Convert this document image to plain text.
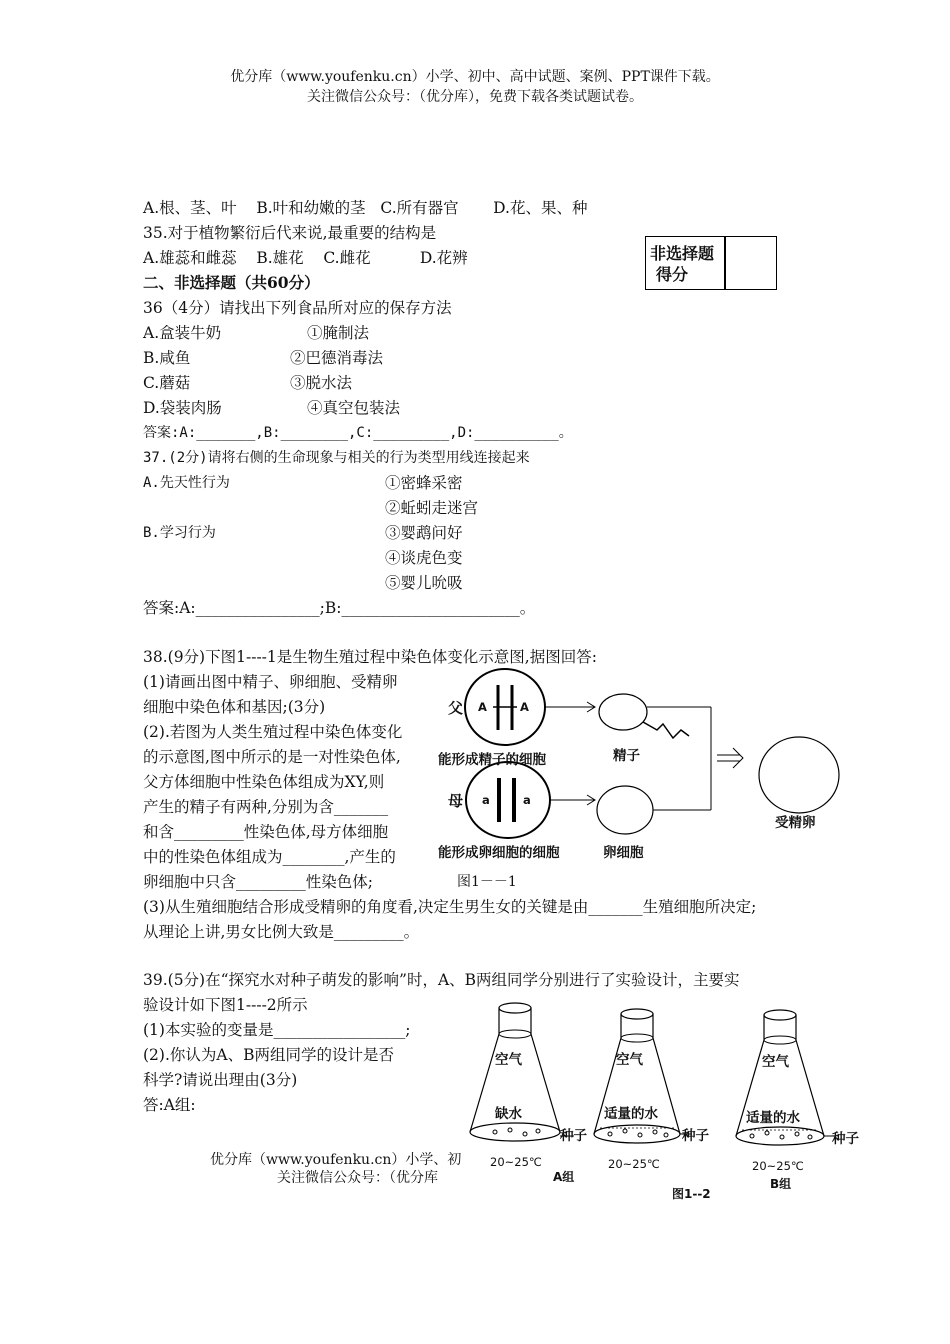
优分库（www.youfenku.cn）小学、初中、高中试题、案例、PPT课件下载。
关注微信公众号：（优分库），免费下载各类试题试卷。
A.根、茎、叶    B.叶和幼嫩的茎   C.所有器官       D.花、果、种
35.对于植物繁衍后代来说,最重要的结构是
A.雄蕊和雌蕊    B.雄花    C.雌花          D.花辨
二、非选择题（共60分）
非选择题
得分
36（4分）请找出下列食品所对应的保存方法
A.盒装牛奶	①腌制法
B.咸鱼	②巴德消毒法
C.蘑菇	③脱水法
D.袋装肉肠	④真空包装法
答案:A:_______,B:________,C:_________,D:__________。
37.(2分)请将右侧的生命现象与相关的行为类型用线连接起来
A.先天性行为	①密蜂采密
②蚯蚓走迷宫
B.学习行为	③婴鹉问好
④谈虎色变
⑤婴儿吮吸
答案:A:________________;B:_______________________。
38.(9分)下图1----1是生物生殖过程中染色体变化示意图,据图回答:
(1)请画出图中精子、卵细胞、受精卵
细胞中染色体和基因;(3分)
(2).若图为人类生殖过程中染色体变化
的示意图,图中所示的是一对性染色体,
父方体细胞中性染色体组成为XY,则
产生的精子有两种,分别为含_______
和含_________性染色体,母方体细胞
中的性染色体组成为________,产生的
卵细胞中只含_________性染色体;
(3)从生殖细胞结合形成受精卵的角度看,决定生男生女的关键是由_______生殖细胞所决定;
从理论上讲,男女比例大致是_________。
父 A	A
母 a	a
能形成精子的细胞	精子
能形成卵细胞的细胞	卵细胞
受精卵
图1－－1
39.(5分)在“探究水对种子萌发的影响”时，A、B两组同学分别进行了实验设计，主要实
验设计如下图1----2所示
(1)本实验的变量是_________________;
(2).你认为A、B两组同学的设计是否
科学?请说出理由(3分)
答:A组:
空气
缺水
空气
适量的水
空气
适量的水
种子	种子	种子
20~25℃	20~25℃	20~25℃
A组	B组
图1--2
优分库（www.youfenku.cn）小学、初
关注微信公众号：（优分库
